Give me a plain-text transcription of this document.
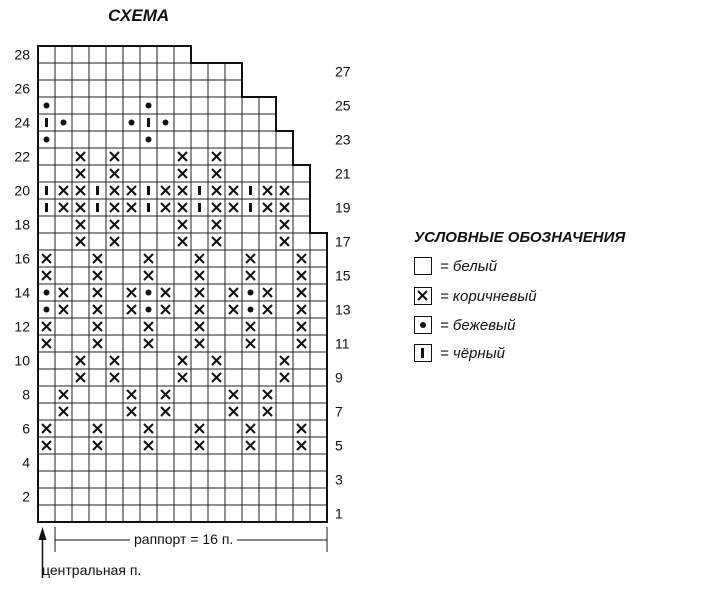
СХЕМА
28
26
24
22
20
18
16
14
12
10
8
6
4
2
27
25
23
21
19
17
15
13
11
9
7
5
3
1
УСЛОВНЫЕ ОБОЗНАЧЕНИЯ
= белый
= коричневый
= бежевый
= чёрный
раппорт = 16 п.
центральная п.
